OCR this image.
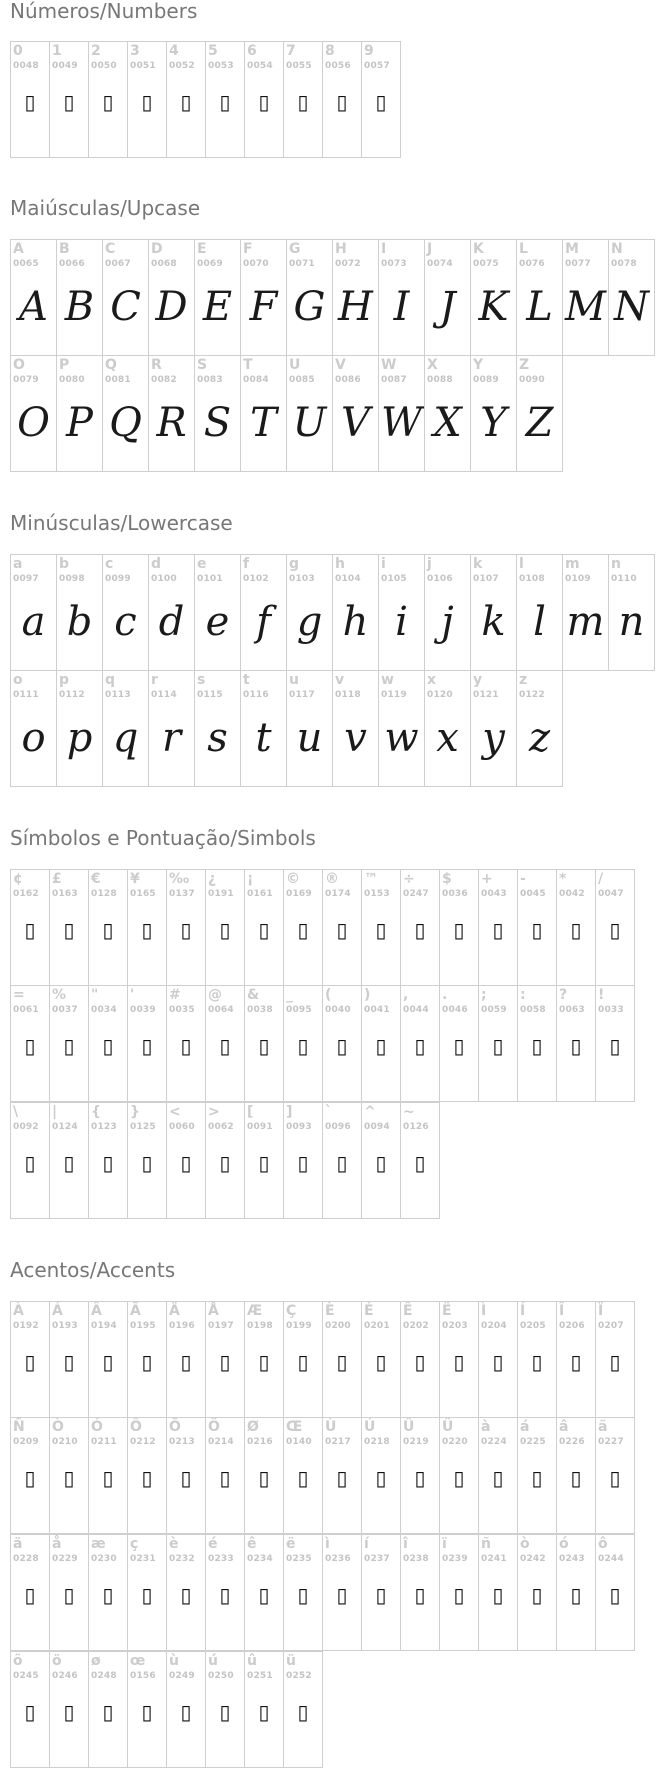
Números/Numbers
0
0048
▯
1
0049
▯
2
0050
▯
3
0051
▯
4
0052
▯
5
0053
▯
6
0054
▯
7
0055
▯
8
0056
▯
9
0057
▯
Maiúsculas/Upcase
A
0065
A
B
0066
B
C
0067
C
D
0068
D
E
0069
E
F
0070
F
G
0071
G
H
0072
H
I
0073
I
J
0074
J
K
0075
K
L
0076
L
M
0077
M
N
0078
N
O
0079
O
P
0080
P
Q
0081
Q
R
0082
R
S
0083
S
T
0084
T
U
0085
U
V
0086
V
W
0087
W
X
0088
X
Y
0089
Y
Z
0090
Z
Minúsculas/Lowercase
a
0097
a
b
0098
b
c
0099
c
d
0100
d
e
0101
e
f
0102
f
g
0103
g
h
0104
h
i
0105
i
j
0106
j
k
0107
k
l
0108
l
m
0109
m
n
0110
n
o
0111
o
p
0112
p
q
0113
q
r
0114
r
s
0115
s
t
0116
t
u
0117
u
v
0118
v
w
0119
w
x
0120
x
y
0121
y
z
0122
z
Símbolos e Pontuação/Simbols
¢
0162
▯
£
0163
▯
€
0128
▯
¥
0165
▯
‰
0137
▯
¿
0191
▯
¡
0161
▯
©
0169
▯
®
0174
▯
™
0153
▯
÷
0247
▯
$
0036
▯
+
0043
▯
-
0045
▯
*
0042
▯
/
0047
▯
=
0061
▯
%
0037
▯
"
0034
▯
'
0039
▯
#
0035
▯
@
0064
▯
&
0038
▯
_
0095
▯
(
0040
▯
)
0041
▯
,
0044
▯
.
0046
▯
;
0059
▯
:
0058
▯
?
0063
▯
!
0033
▯
\
0092
▯
|
0124
▯
{
0123
▯
}
0125
▯
<
0060
▯
>
0062
▯
[
0091
▯
]
0093
▯
`
0096
▯
^
0094
▯
~
0126
▯
Acentos/Accents
À
0192
▯
Á
0193
▯
Â
0194
▯
Ã
0195
▯
Ä
0196
▯
Å
0197
▯
Æ
0198
▯
Ç
0199
▯
È
0200
▯
É
0201
▯
Ê
0202
▯
Ë
0203
▯
Ì
0204
▯
Í
0205
▯
Î
0206
▯
Ï
0207
▯
Ñ
0209
▯
Ò
0210
▯
Ó
0211
▯
Ô
0212
▯
Õ
0213
▯
Ö
0214
▯
Ø
0216
▯
Œ
0140
▯
Ù
0217
▯
Ú
0218
▯
Û
0219
▯
Ü
0220
▯
à
0224
▯
á
0225
▯
â
0226
▯
ã
0227
▯
ä
0228
▯
å
0229
▯
æ
0230
▯
ç
0231
▯
è
0232
▯
é
0233
▯
ê
0234
▯
ë
0235
▯
ì
0236
▯
í
0237
▯
î
0238
▯
ï
0239
▯
ñ
0241
▯
ò
0242
▯
ó
0243
▯
ô
0244
▯
õ
0245
▯
ö
0246
▯
ø
0248
▯
œ
0156
▯
ù
0249
▯
ú
0250
▯
û
0251
▯
ü
0252
▯
